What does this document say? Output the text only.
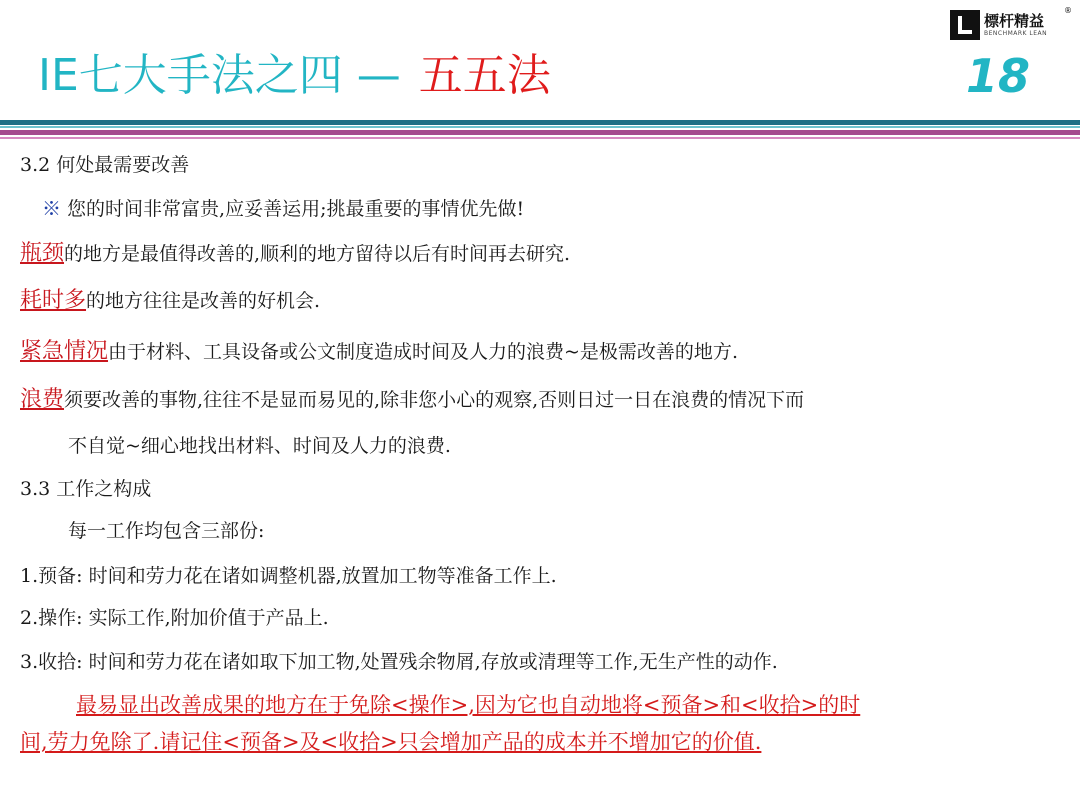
標杆精益
®
BENCHMARK LEAN
IE七大手法之四 — 五五法	18
3.2 何处最需要改善
※ 您的时间非常富贵,应妥善运用;挑最重要的事情优先做!
瓶颈的地方是最值得改善的,顺利的地方留待以后有时间再去研究.
耗时多的地方往往是改善的好机会.
紧急情况由于材料、工具设备或公文制度造成时间及人力的浪费~是极需改善的地方.
浪费须要改善的事物,往往不是显而易见的,除非您小心的观察,否则日过一日在浪费的情况下而
不自觉~细心地找出材料、时间及人力的浪费.
3.3 工作之构成
每一工作均包含三部份:
1.预备: 时间和劳力花在诸如调整机器,放置加工物等准备工作上.
2.操作: 实际工作,附加价值于产品上.
3.收拾: 时间和劳力花在诸如取下加工物,处置残余物屑,存放或清理等工作,无生产性的动作.
最易显出改善成果的地方在于免除<操作>,因为它也自动地将<预备>和<收拾>的时
间,劳力免除了.请记住<预备>及<收拾>只会增加产品的成本并不增加它的价值.
